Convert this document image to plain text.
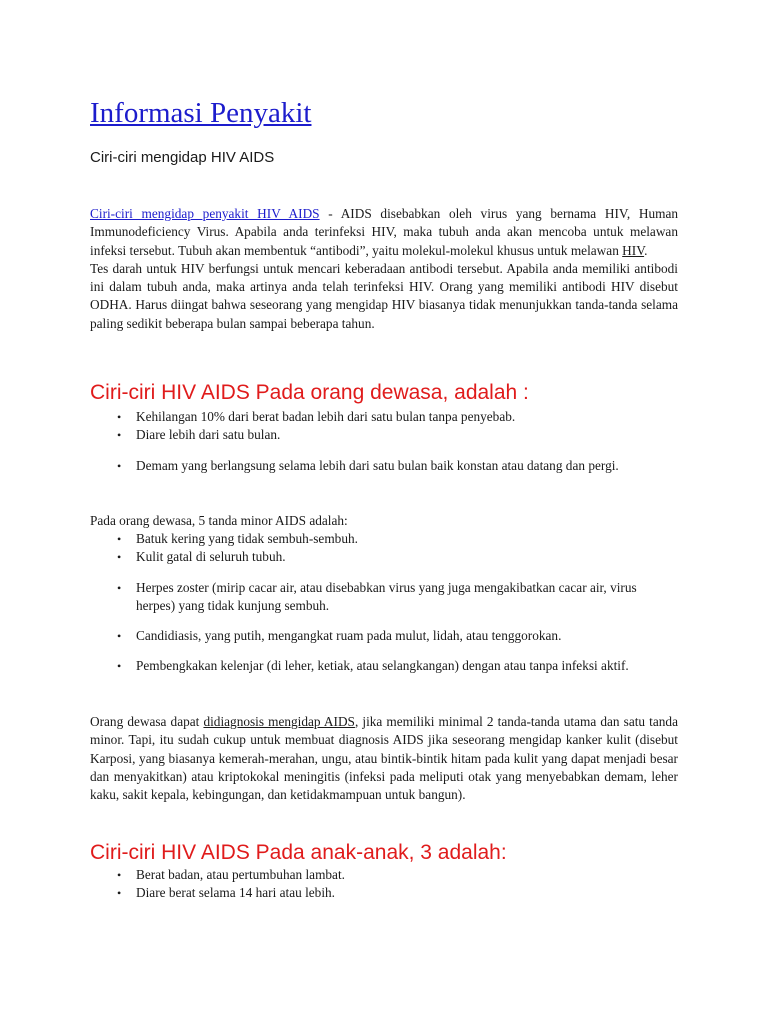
Informasi Penyakit
Ciri-ciri mengidap HIV AIDS

Ciri-ciri mengidap penyakit HIV AIDS - AIDS disebabkan oleh virus yang bernama HIV, Human Immunodeficiency Virus. Apabila anda terinfeksi HIV, maka tubuh anda akan mencoba untuk melawan infeksi tersebut. Tubuh akan membentuk “antibodi”, yaitu molekul-molekul khusus untuk melawan HIV.
Tes darah untuk HIV berfungsi untuk mencari keberadaan antibodi tersebut. Apabila anda memiliki antibodi ini dalam tubuh anda, maka artinya anda telah terinfeksi HIV. Orang yang memiliki antibodi HIV disebut ODHA. Harus diingat bahwa seseorang yang mengidap HIV biasanya tidak menunjukkan tanda-tanda selama paling sedikit beberapa bulan sampai beberapa tahun.

Ciri-ciri HIV AIDS Pada orang dewasa, adalah :
• Kehilangan 10% dari berat badan lebih dari satu bulan tanpa penyebab.
• Diare lebih dari satu bulan.
• Demam yang berlangsung selama lebih dari satu bulan baik konstan atau datang dan pergi.

Pada orang dewasa, 5 tanda minor AIDS adalah:

• Batuk kering yang tidak sembuh-sembuh.
• Kulit gatal di seluruh tubuh.
• Herpes zoster (mirip cacar air, atau disebabkan virus yang juga mengakibatkan cacar air, virus herpes) yang tidak kunjung sembuh.
• Candidiasis, yang putih, mengangkat ruam pada mulut, lidah, atau tenggorokan.
• Pembengkakan kelenjar (di leher, ketiak, atau selangkangan) dengan atau tanpa infeksi aktif.

Orang dewasa dapat didiagnosis mengidap AIDS, jika memiliki minimal 2 tanda-tanda utama dan satu tanda minor. Tapi, itu sudah cukup untuk membuat diagnosis AIDS jika seseorang mengidap kanker kulit (disebut Karposi, yang biasanya kemerah-merahan, ungu, atau bintik-bintik hitam pada kulit yang dapat menjadi besar dan menyakitkan) atau kriptokokal meningitis (infeksi pada meliputi otak yang menyebabkan demam, leher kaku, sakit kepala, kebingungan, dan ketidakmampuan untuk bangun).

Ciri-ciri HIV AIDS Pada anak-anak, 3 adalah:
• Berat badan, atau pertumbuhan lambat.
• Diare berat selama 14 hari atau lebih.
